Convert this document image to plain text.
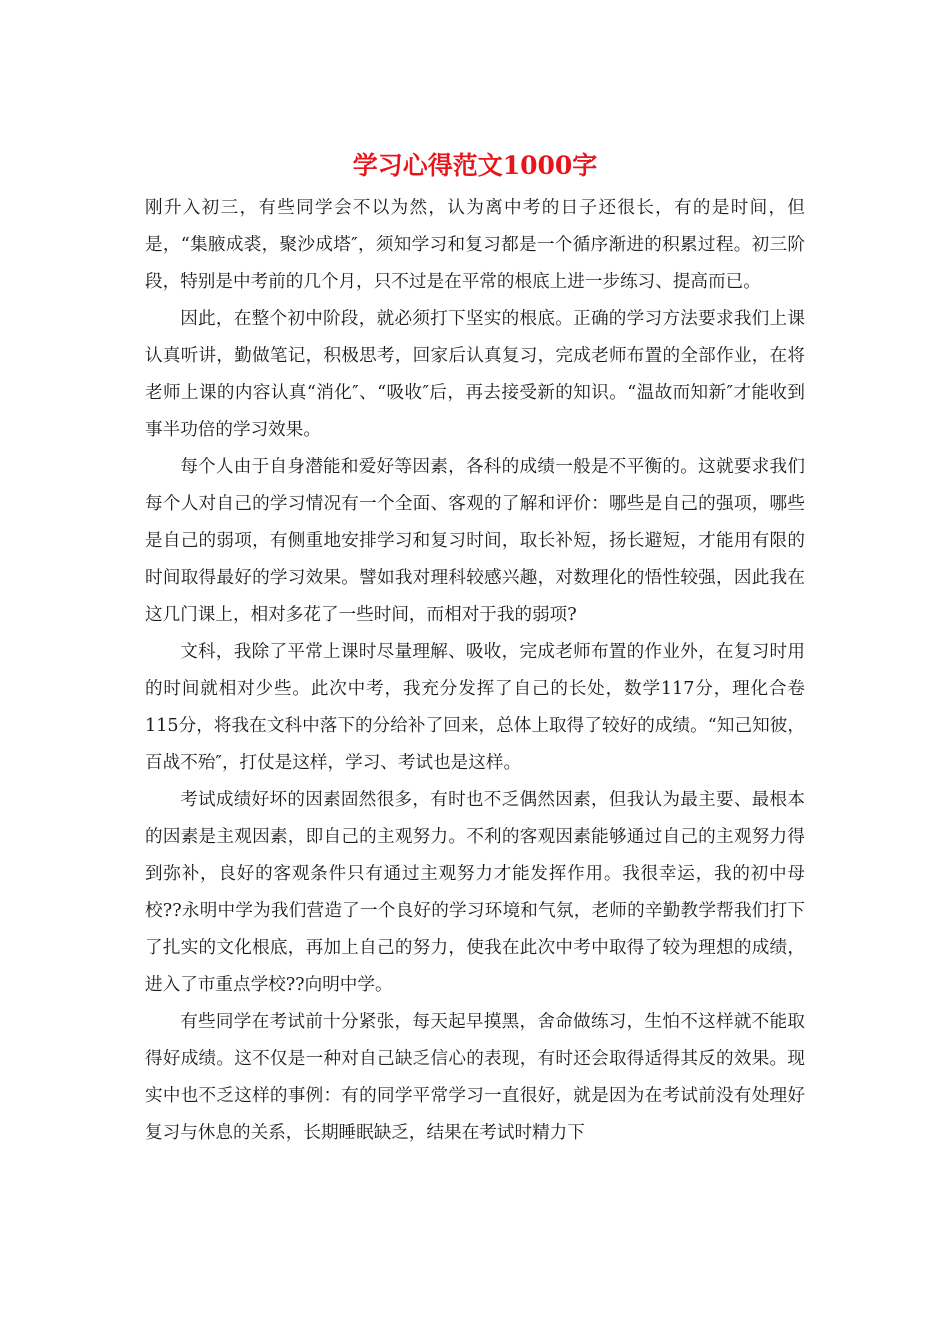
学习心得范文1000字

刚升入初三，有些同学会不以为然，认为离中考的日子还很长，有的是时间，但是，“集腋成裘，聚沙成塔″，须知学习和复习都是一个循序渐进的积累过程。初三阶段，特别是中考前的几个月，只不过是在平常的根底上进一步练习、提高而已。

因此，在整个初中阶段，就必须打下坚实的根底。正确的学习方法要求我们上课认真听讲，勤做笔记，积极思考，回家后认真复习，完成老师布置的全部作业，在将老师上课的内容认真“消化″、“吸收″后，再去接受新的知识。“温故而知新″才能收到事半功倍的学习效果。

每个人由于自身潜能和爱好等因素，各科的成绩一般是不平衡的。这就要求我们每个人对自己的学习情况有一个全面、客观的了解和评价：哪些是自己的强项，哪些是自己的弱项，有侧重地安排学习和复习时间，取长补短，扬长避短，才能用有限的时间取得最好的学习效果。譬如我对理科较感兴趣，对数理化的悟性较强，因此我在这几门课上，相对多花了一些时间，而相对于我的弱项?

文科，我除了平常上课时尽量理解、吸收，完成老师布置的作业外，在复习时用的时间就相对少些。此次中考，我充分发挥了自己的长处，数学117分，理化合卷115分，将我在文科中落下的分给补了回来，总体上取得了较好的成绩。“知己知彼，百战不殆″，打仗是这样，学习、考试也是这样。

考试成绩好坏的因素固然很多，有时也不乏偶然因素，但我认为最主要、最根本的因素是主观因素，即自己的主观努力。不利的客观因素能够通过自己的主观努力得到弥补，良好的客观条件只有通过主观努力才能发挥作用。我很幸运，我的初中母校??永明中学为我们营造了一个良好的学习环境和气氛，老师的辛勤教学帮我们打下了扎实的文化根底，再加上自己的努力，使我在此次中考中取得了较为理想的成绩，进入了市重点学校??向明中学。

有些同学在考试前十分紧张，每天起早摸黑，舍命做练习，生怕不这样就不能取得好成绩。这不仅是一种对自己缺乏信心的表现，有时还会取得适得其反的效果。现实中也不乏这样的事例：有的同学平常学习一直很好，就是因为在考试前没有处理好复习与休息的关系，长期睡眠缺乏，结果在考试时精力下
